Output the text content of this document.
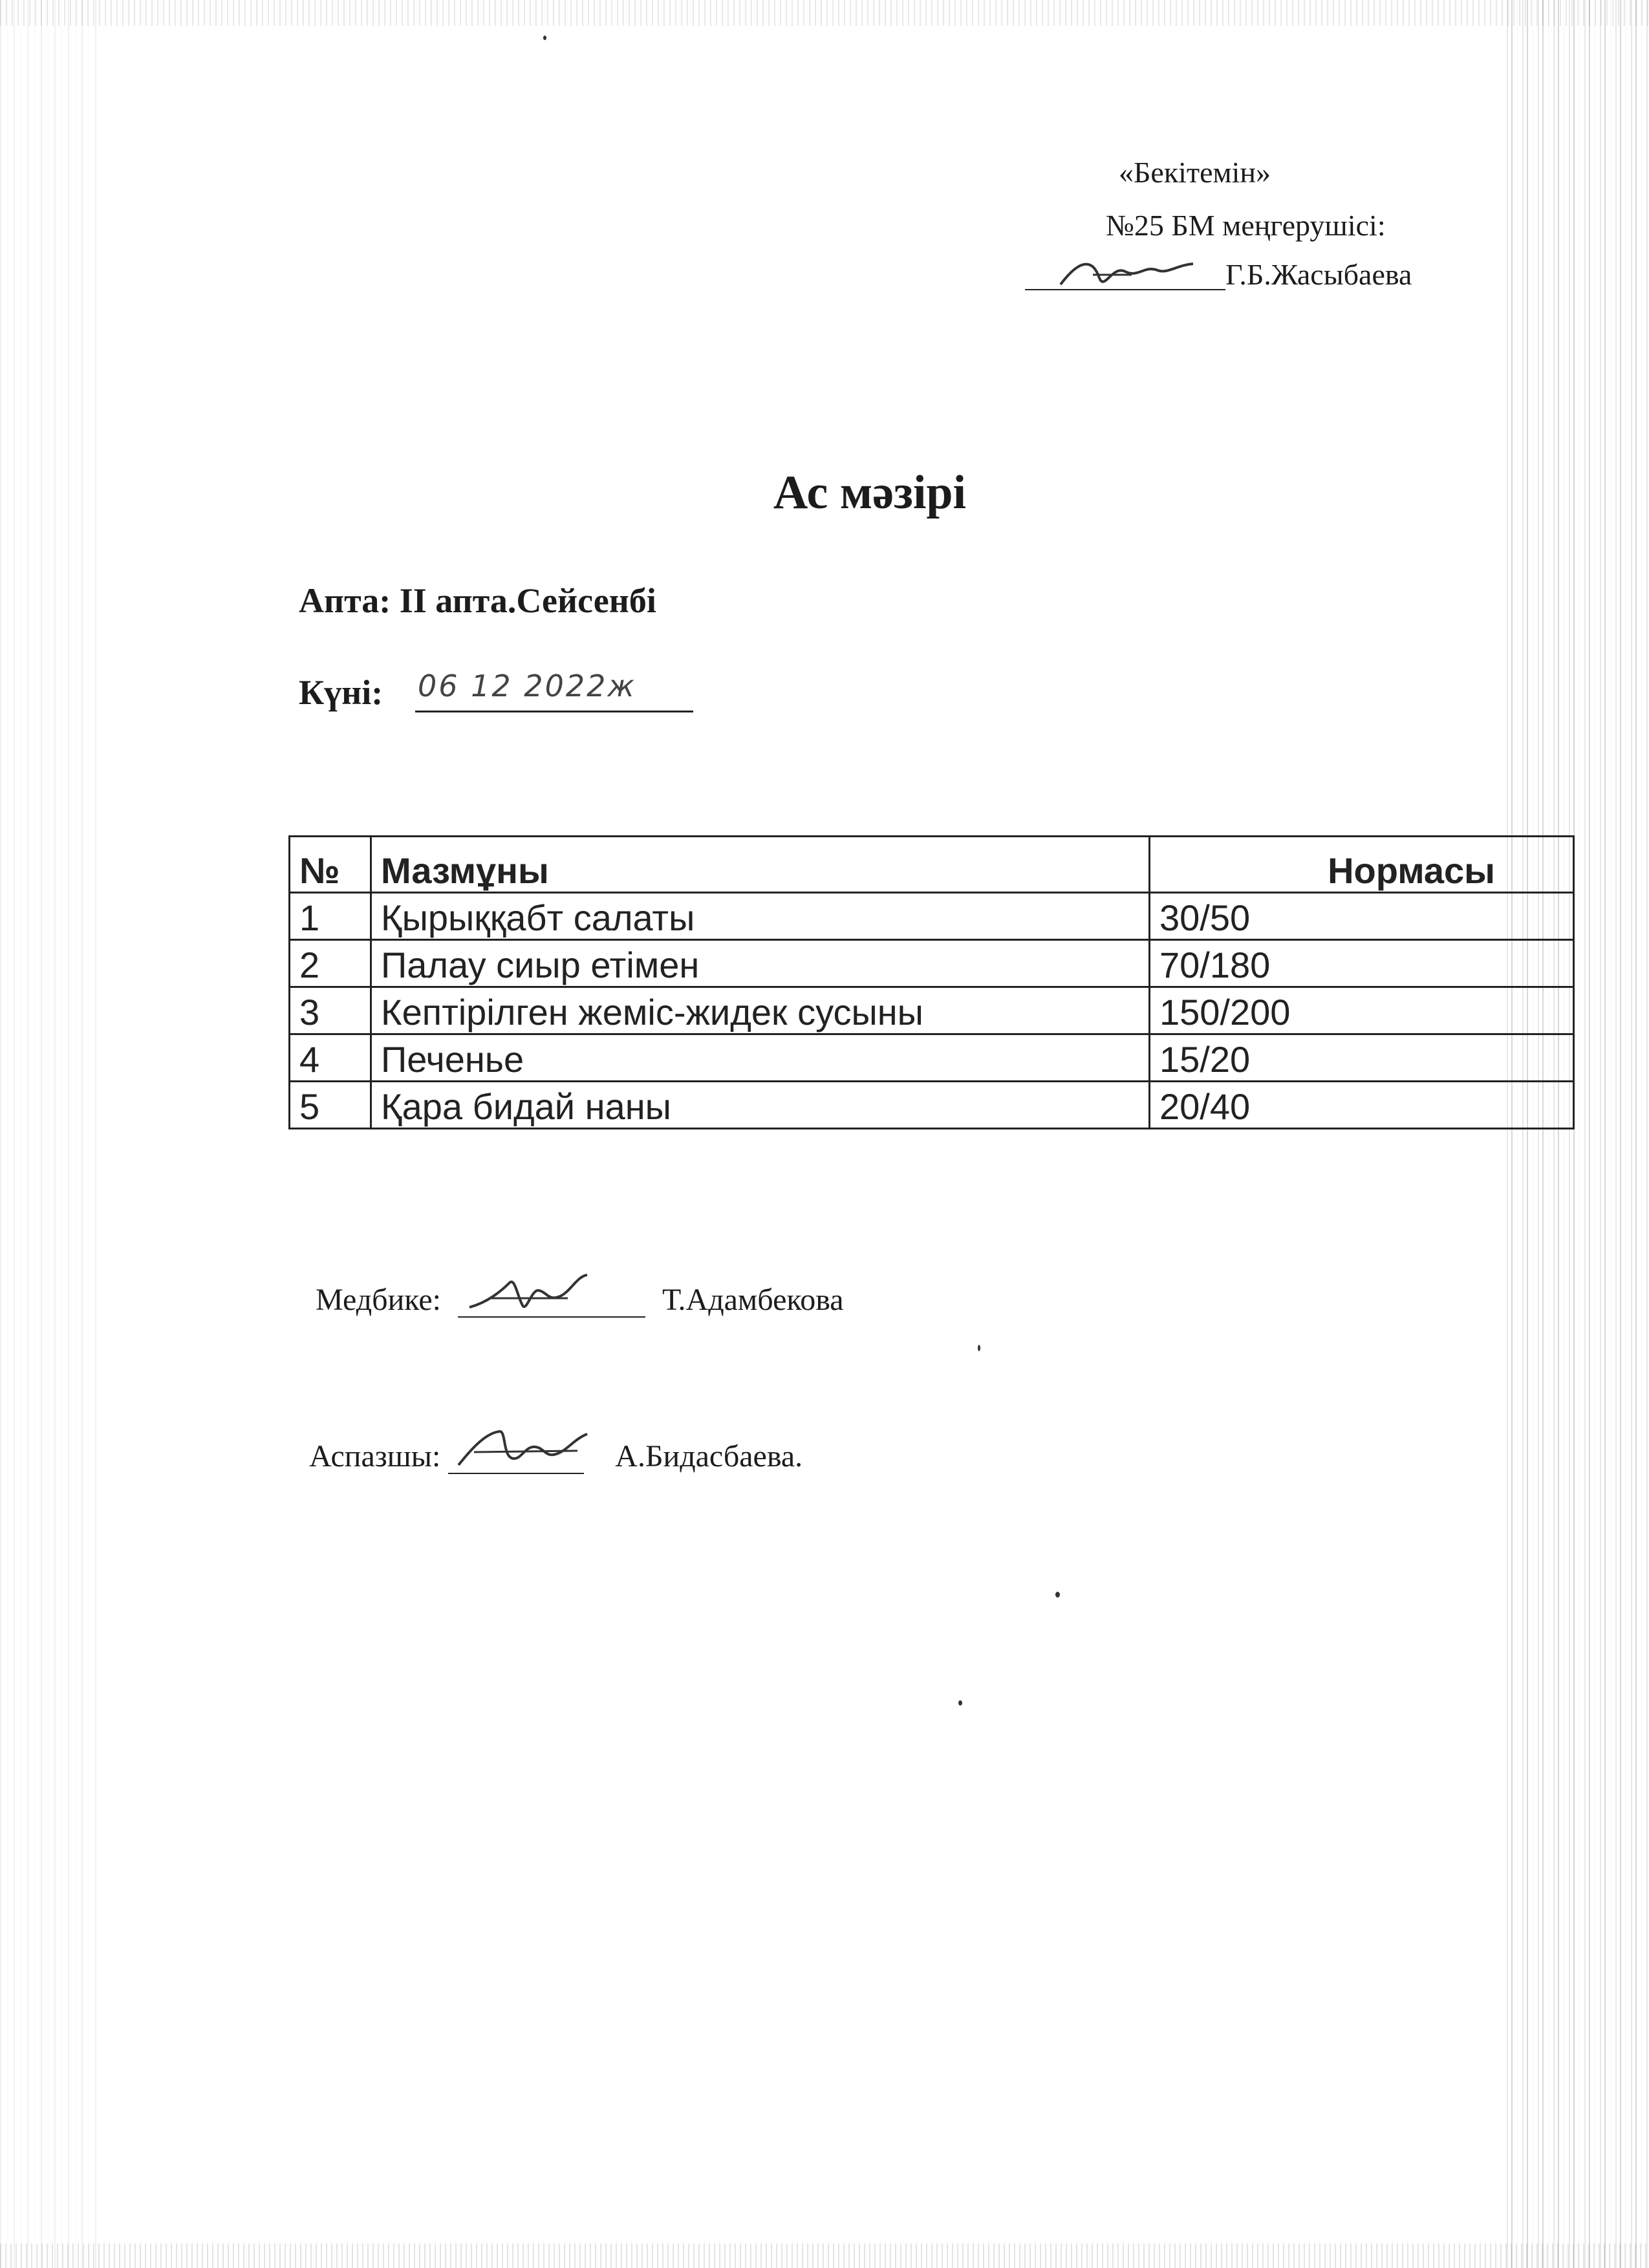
«Бекітемін»
№25 БМ меңгерушісі:
Г.Б.Жасыбаева
Ас мәзірі
Апта: II апта.Сейсенбі
Күні: 06 12 2022ж
№	Мазмұны	Нормасы
1	Қырыққабт салаты	30/50
2	Палау сиыр етімен	70/180
3	Кептірілген жеміс-жидек сусыны	150/200
4	Печенье	15/20
5	Қара бидай наны	20/40
Медбике:	Т.Адамбекова
Аспазшы:	А.Бидасбаева.
